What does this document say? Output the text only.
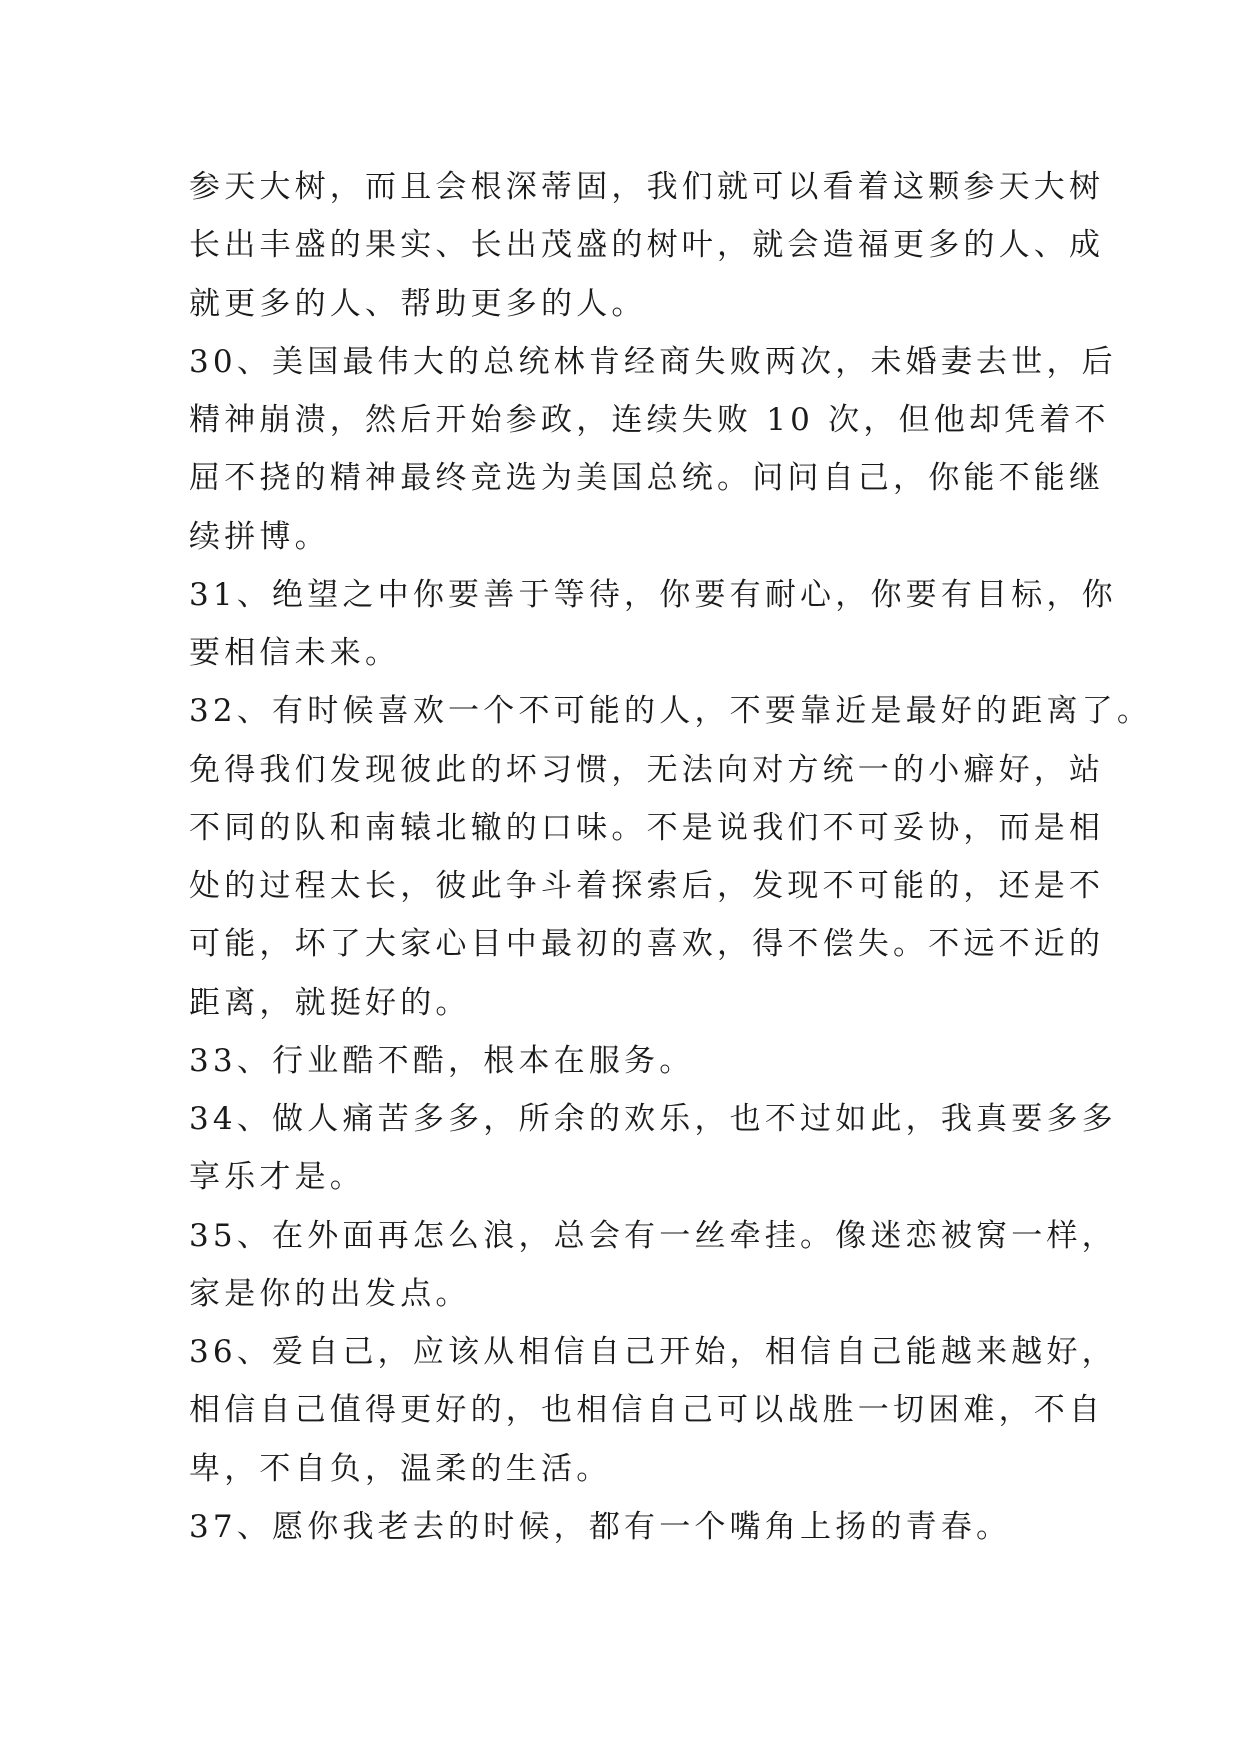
参天大树，而且会根深蒂固，我们就可以看着这颗参天大树
长出丰盛的果实、长出茂盛的树叶，就会造福更多的人、成
就更多的人、帮助更多的人。
30、美国最伟大的总统林肯经商失败两次，未婚妻去世，后
精神崩溃，然后开始参政，连续失败 10 次，但他却凭着不
屈不挠的精神最终竞选为美国总统。问问自己，你能不能继
续拼博。
31、绝望之中你要善于等待，你要有耐心，你要有目标，你
要相信未来。
32、有时候喜欢一个不可能的人，不要靠近是最好的距离了。
免得我们发现彼此的坏习惯，无法向对方统一的小癖好，站
不同的队和南辕北辙的口味。不是说我们不可妥协，而是相
处的过程太长，彼此争斗着探索后，发现不可能的，还是不
可能，坏了大家心目中最初的喜欢，得不偿失。不远不近的
距离，就挺好的。
33、行业酷不酷，根本在服务。
34、做人痛苦多多，所余的欢乐，也不过如此，我真要多多
享乐才是。
35、在外面再怎么浪，总会有一丝牵挂。像迷恋被窝一样，
家是你的出发点。
36、爱自己，应该从相信自己开始，相信自己能越来越好，
相信自己值得更好的，也相信自己可以战胜一切困难，不自
卑，不自负，温柔的生活。
37、愿你我老去的时候，都有一个嘴角上扬的青春。
